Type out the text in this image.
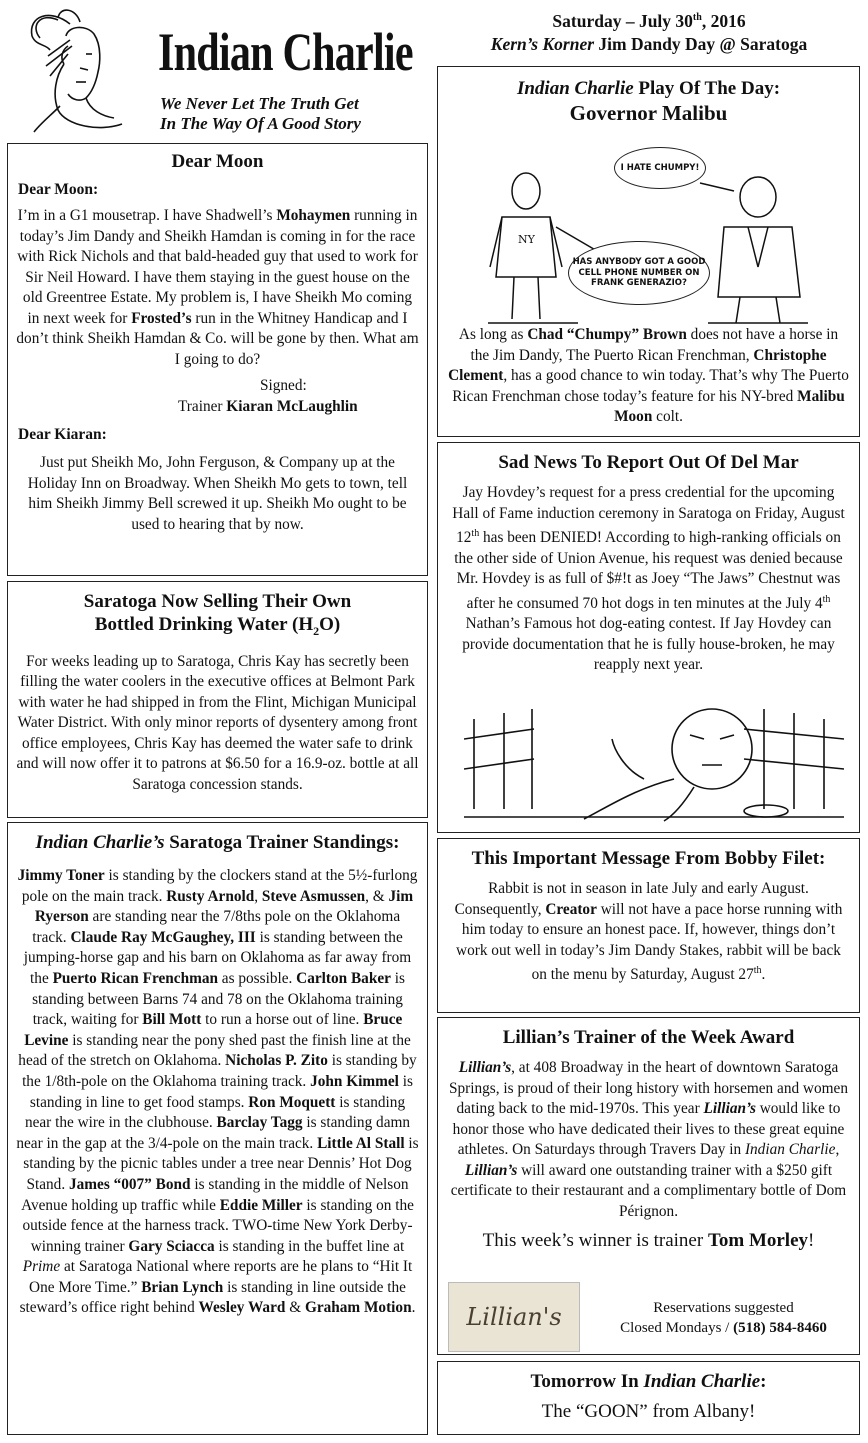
Indian Charlie
We Never Let The Truth Get
In The Way Of A Good Story
Saturday – July 30th, 2016
Kern’s Korner Jim Dandy Day @ Saratoga
Dear Moon
Dear Moon:

I’m in a G1 mousetrap. I have Shadwell’s Mohaymen running in today’s Jim Dandy and Sheikh Hamdan is coming in for the race with Rick Nichols and that bald-headed guy that used to work for Sir Neil Howard. I have them staying in the guest house on the old Greentree Estate. My problem is, I have Sheikh Mo coming in next week for Frosted’s run in the Whitney Handicap and I don’t think Sheikh Hamdan & Co. will be gone by then. What am I going to do?

Signed:
Trainer Kiaran McLaughlin
Dear Kiaran:

Just put Sheikh Mo, John Ferguson, & Company up at the Holiday Inn on Broadway. When Sheikh Mo gets to town, tell him Sheikh Jimmy Bell screwed it up. Sheikh Mo ought to be used to hearing that by now.

Saratoga Now Selling Their Own
Bottled Drinking Water $(H_2O)$

For weeks leading up to Saratoga, Chris Kay has secretly been filling the water coolers in the executive offices at Belmont Park with water he had shipped in from the Flint, Michigan Municipal Water District. With only minor reports of dysentery among front office employees, Chris Kay has deemed the water safe to drink and will now offer it to patrons at $6.50 for a 16.9-oz. bottle at all Saratoga concession stands.

Indian Charlie’s Saratoga Trainer Standings:

Jimmy Toner is standing by the clockers stand at the 5½-furlong pole on the main track. Rusty Arnold, Steve Asmussen, & Jim Ryerson are standing near the 7/8ths pole on the Oklahoma track. Claude Ray McGaughey, III is standing between the jumping-horse gap and his barn on Oklahoma as far away from the Puerto Rican Frenchman as possible. Carlton Baker is standing between Barns 74 and 78 on the Oklahoma training track, waiting for Bill Mott to run a horse out of line. Bruce Levine is standing near the pony shed past the finish line at the head of the stretch on Oklahoma. Nicholas P. Zito is standing by the 1/8th-pole on the Oklahoma training track. John Kimmel is standing in line to get food stamps. Ron Moquett is standing near the wire in the clubhouse. Barclay Tagg is standing damn near in the gap at the 3/4-pole on the main track. Little Al Stall is standing by the picnic tables under a tree near Dennis’ Hot Dog Stand. James “007” Bond is standing in the middle of Nelson Avenue holding up traffic while Eddie Miller is standing on the outside fence at the harness track. TWO-time New York Derby-winning trainer Gary Sciacca is standing in the buffet line at Prime at Saratoga National where reports are he plans to “Hit It One More Time.” Brian Lynch is standing in line outside the steward’s office right behind Wesley Ward & Graham Motion.

Indian Charlie Play Of The Day:
Governor Malibu
NY
I HATE CHUMPY!
HAS ANYBODY GOT A GOOD CELL PHONE NUMBER ON FRANK GENERAZIO?

As long as Chad “Chumpy” Brown does not have a horse in the Jim Dandy, The Puerto Rican Frenchman, Christophe Clement, has a good chance to win today. That’s why The Puerto Rican Frenchman chose today’s feature for his NY-bred Malibu Moon colt.

Sad News To Report Out Of Del Mar

Jay Hovdey’s request for a press credential for the upcoming Hall of Fame induction ceremony in Saratoga on Friday, August 12th has been DENIED! According to high-ranking officials on the other side of Union Avenue, his request was denied because Mr. Hovdey is as full of $#!t as Joey “The Jaws” Chestnut was after he consumed 70 hot dogs in ten minutes at the July 4th Nathan’s Famous hot dog-eating contest. If Jay Hovdey can provide documentation that he is fully house-broken, he may reapply next year.

This Important Message From Bobby Filet:

Rabbit is not in season in late July and early August. Consequently, Creator will not have a pace horse running with him today to ensure an honest pace. If, however, things don’t work out well in today’s Jim Dandy Stakes, rabbit will be back on the menu by Saturday, August 27th.

Lillian’s Trainer of the Week Award

Lillian’s, at 408 Broadway in the heart of downtown Saratoga Springs, is proud of their long history with horsemen and women dating back to the mid-1970s. This year Lillian’s would like to honor those who have dedicated their lives to these great equine athletes. On Saturdays through Travers Day in Indian Charlie, Lillian’s will award one outstanding trainer with a $250 gift certificate to their restaurant and a complimentary bottle of Dom Pérignon.

This week’s winner is trainer Tom Morley!
Lillian's	Reservations suggested
Closed Mondays / (518) 584-8460
Tomorrow In Indian Charlie:
The “GOON” from Albany!
